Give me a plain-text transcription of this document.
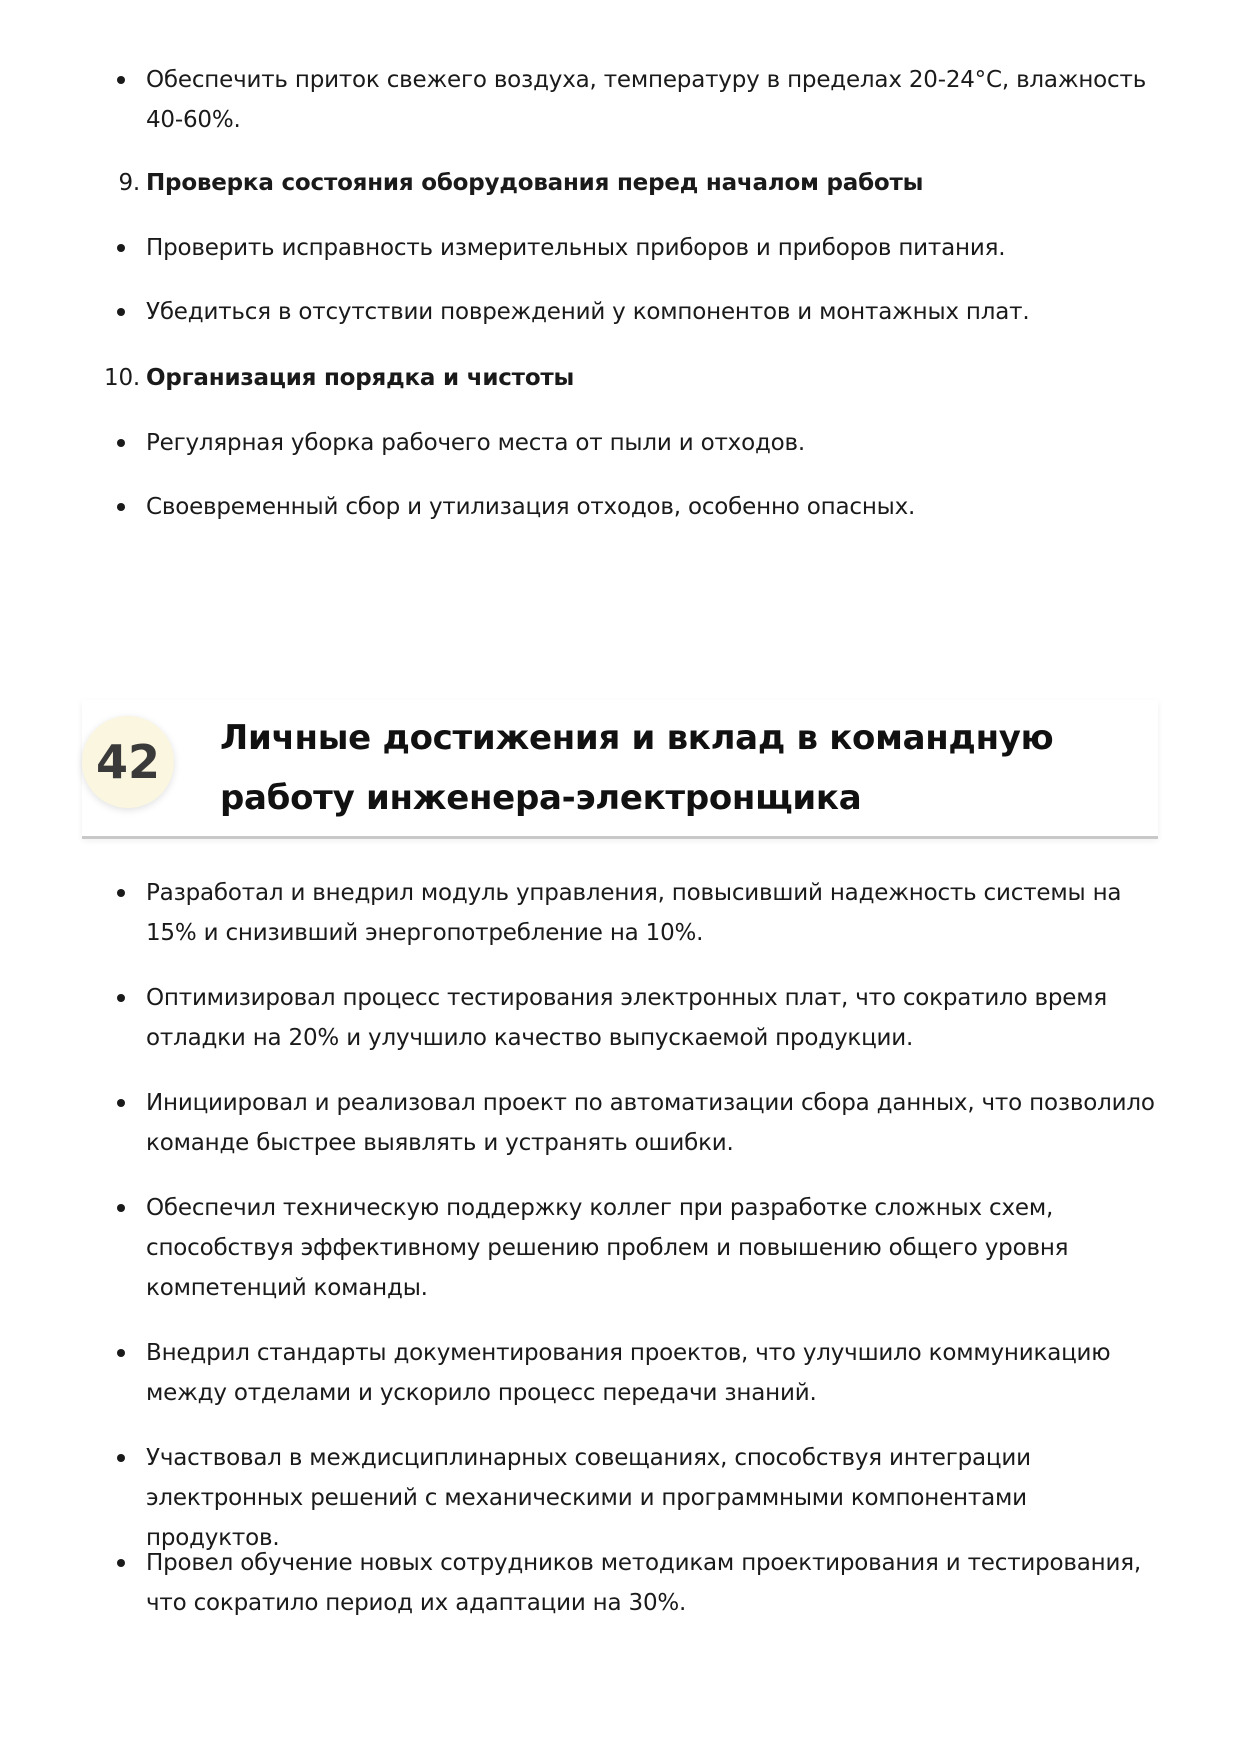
Обеспечить приток свежего воздуха, температуру в пределах 20-24°C, влажность 40-60%.
9. Проверка состояния оборудования перед началом работы
Проверить исправность измерительных приборов и приборов питания.
Убедиться в отсутствии повреждений у компонентов и монтажных плат.
10. Организация порядка и чистоты
Регулярная уборка рабочего места от пыли и отходов.
Своевременный сбор и утилизация отходов, особенно опасных.
42	Личные достижения и вклад в командную работу инженера-электронщика
Разработал и внедрил модуль управления, повысивший надежность системы на 15% и снизивший энергопотребление на 10%.
Оптимизировал процесс тестирования электронных плат, что сократило время отладки на 20% и улучшило качество выпускаемой продукции.
Инициировал и реализовал проект по автоматизации сбора данных, что позволило команде быстрее выявлять и устранять ошибки.
Обеспечил техническую поддержку коллег при разработке сложных схем, способствуя эффективному решению проблем и повышению общего уровня компетенций команды.
Внедрил стандарты документирования проектов, что улучшило коммуникацию между отделами и ускорило процесс передачи знаний.
Участвовал в междисциплинарных совещаниях, способствуя интеграции электронных решений с механическими и программными компонентами продуктов.
Провел обучение новых сотрудников методикам проектирования и тестирования, что сократило период их адаптации на 30%.
